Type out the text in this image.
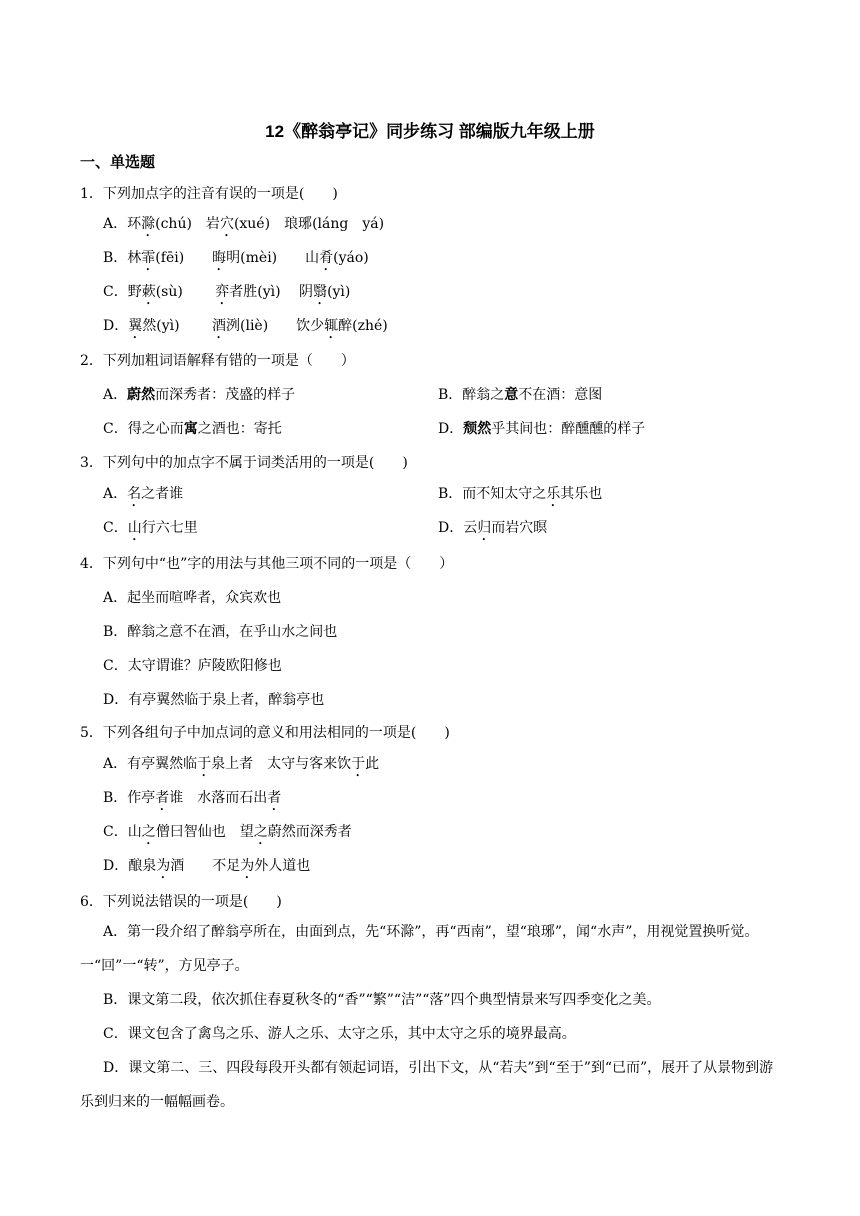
12《醉翁亭记》同步练习 部编版九年级上册
一、单选题
1．下列加点字的注音有误的一项是(　　)
A．环滁(chú)　岩穴(xué)　琅琊(láng　yá)
B．林霏(fēi)　　晦明(mèi)　　山肴(yáo)
C．野蔌(sù)　　 弈者胜(yì)　 阴翳(yì)
D．翼然(yì)　　 酒洌(liè)　　饮少辄醉(zhé)
2．下列加粗词语解释有错的一项是（　　）
A．蔚然而深秀者：茂盛的样子	B．醉翁之意不在酒：意图
C．得之心而寓之酒也：寄托	D．颓然乎其间也：醉醺醺的样子
3．下列句中的加点字不属于词类活用的一项是(　　)
A．名之者谁	B．而不知太守之乐其乐也
C．山行六七里	D．云归而岩穴暝
4．下列句中“也”字的用法与其他三项不同的一项是（　　）
A．起坐而喧哗者，众宾欢也
B．醉翁之意不在酒，在乎山水之间也
C．太守谓谁？庐陵欧阳修也
D．有亭翼然临于泉上者，醉翁亭也
5．下列各组句子中加点词的意义和用法相同的一项是(　　)
A．有亭翼然临于泉上者　太守与客来饮于此
B．作亭者谁　水落而石出者
C．山之僧曰智仙也　望之蔚然而深秀者
D．酿泉为酒　　不足为外人道也
6．下列说法错误的一项是(　　)
A．第一段介绍了醉翁亭所在，由面到点，先“环滁”，再“西南”，望“琅琊”，闻“水声”，用视觉置换听觉。一“回”一“转”，方见亭子。
B．课文第二段，依次抓住春夏秋冬的“香”“繁”“洁”“落”四个典型情景来写四季变化之美。
C．课文包含了禽鸟之乐、游人之乐、太守之乐，其中太守之乐的境界最高。
D．课文第二、三、四段每段开头都有领起词语，引出下文，从“若夫”到“至于”到“已而”，展开了从景物到游乐到归来的一幅幅画卷。
